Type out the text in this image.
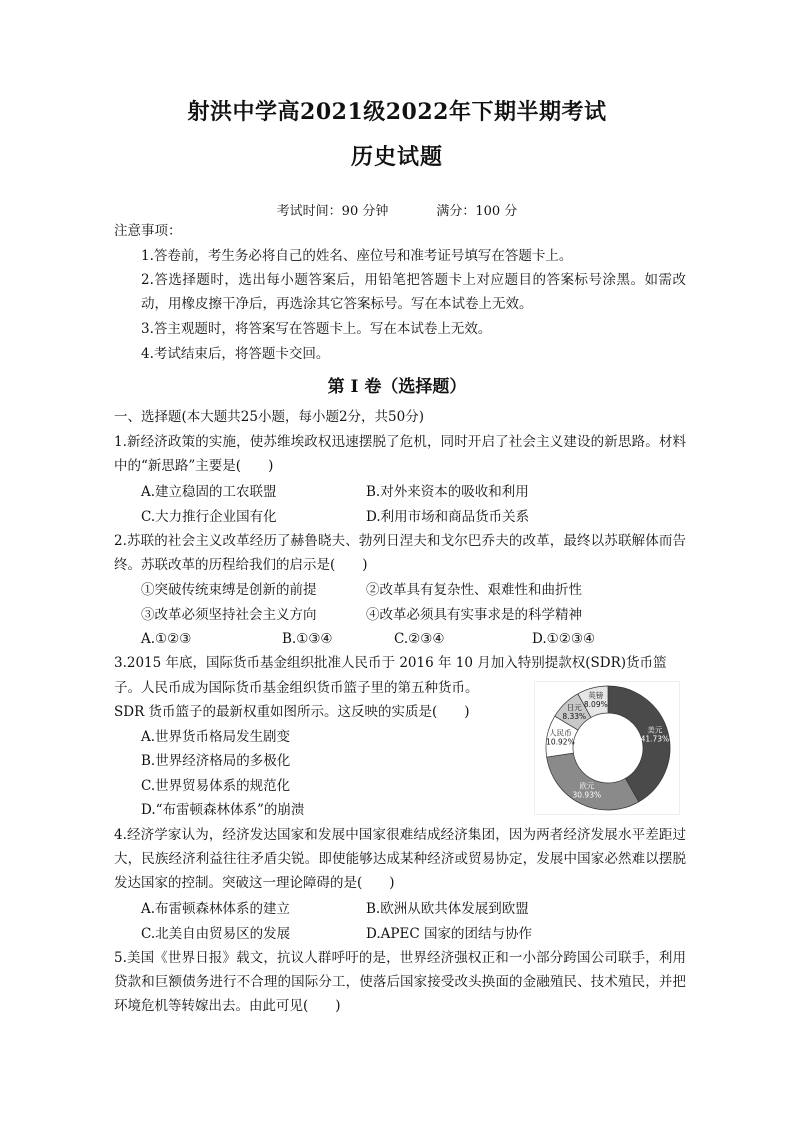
射洪中学高2021级2022年下期半期考试
历史试题
考试时间：90 分钟	满分：100 分
注意事项：
1.答卷前，考生务必将自己的姓名、座位号和准考证号填写在答题卡上。
2.答选择题时，选出每小题答案后，用铅笔把答题卡上对应题目的答案标号涂黑。如需改动，用橡皮擦干净后，再选涂其它答案标号。写在本试卷上无效。
3.答主观题时，将答案写在答题卡上。写在本试卷上无效。
4.考试结束后，将答题卡交回。
第 I 卷（选择题）
一、选择题(本大题共25小题，每小题2分，共50分)
1.新经济政策的实施，使苏维埃政权迅速摆脱了危机，同时开启了社会主义建设的新思路。材料中的“新思路”主要是(　　)
A.建立稳固的工农联盟	B.对外来资本的吸收和利用
C.大力推行企业国有化	D.利用市场和商品货币关系
2.苏联的社会主义改革经历了赫鲁晓夫、勃列日涅夫和戈尔巴乔夫的改革，最终以苏联解体而告终。苏联改革的历程给我们的启示是(　　)
①突破传统束缚是创新的前提	②改革具有复杂性、艰难性和曲折性
③改革必须坚持社会主义方向	④改革必须具有实事求是的科学精神
A.①②③	B.①③④	C.②③④	D.①②③④
3.2015 年底，国际货币基金组织批准人民币于 2016 年 10 月加入特别提款权(SDR)货币篮
子。人民币成为国际货币基金组织货币篮子里的第五种货币。
SDR 货币篮子的最新权重如图所示。这反映的实质是(　　)
A.世界货币格局发生剧变
B.世界经济格局的多极化
C.世界贸易体系的规范化
D.“布雷顿森林体系”的崩溃
美元
41.73%
欧元
30.93%
人民币
10.92%
日元
8.33%
英镑
8.09%
4.经济学家认为，经济发达国家和发展中国家很难结成经济集团，因为两者经济发展水平差距过大，民族经济利益往往矛盾尖锐。即使能够达成某种经济或贸易协定，发展中国家必然难以摆脱发达国家的控制。突破这一理论障碍的是(　　)
A.布雷顿森林体系的建立	B.欧洲从欧共体发展到欧盟
C.北美自由贸易区的发展	D.APEC 国家的团结与协作
5.美国《世界日报》载文，抗议人群呼吁的是，世界经济强权正和一小部分跨国公司联手，利用贷款和巨额债务进行不合理的国际分工，使落后国家接受改头换面的金融殖民、技术殖民，并把环境危机等转嫁出去。由此可见(　　)
